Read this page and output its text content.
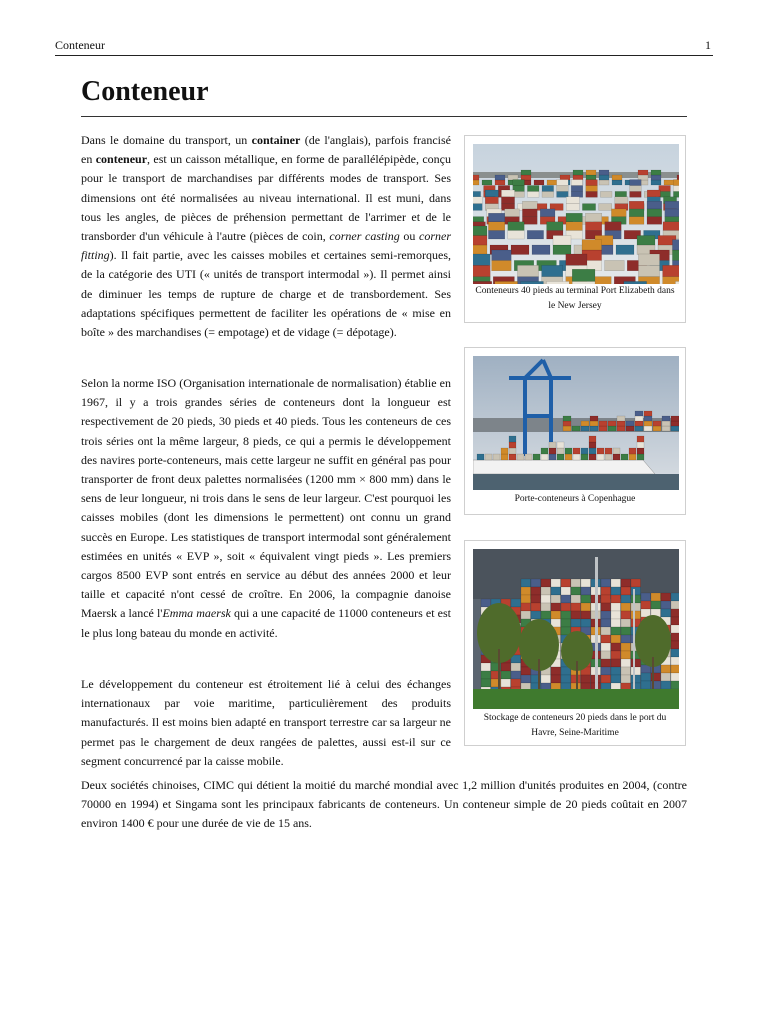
Conteneur	1
Conteneur

Dans le domaine du transport, un container (de l'anglais), parfois francisé en conteneur, est un caisson métallique, en forme de parallélépipède, conçu pour le transport de marchandises par différents modes de transport. Ses dimensions ont été normalisées au niveau international. Il est muni, dans tous les angles, de pièces de préhension permettant de l'arrimer et de le transborder d'un véhicule à l'autre (pièces de coin, corner casting ou corner fitting). Il fait partie, avec les caisses mobiles et certaines semi-remorques, de la catégorie des UTI (« unités de transport intermodal »). Il permet ainsi de diminuer les temps de rupture de charge et de transbordement. Ses adaptations spécifiques permettent de faciliter les opérations de « mise en boîte » des marchandises (= empotage) et de vidage (= dépotage).

Selon la norme ISO (Organisation internationale de normalisation) établie en 1967, il y a trois grandes séries de conteneurs dont la longueur est respectivement de 20 pieds, 30 pieds et 40 pieds. Tous les conteneurs de ces trois séries ont la même largeur, 8 pieds, ce qui a permis le développement des navires porte-conteneurs, mais cette largeur ne suffit en général pas pour transporter de front deux palettes normalisées (1200 mm × 800 mm) dans le sens de leur longueur, ni trois dans le sens de leur largeur. C'est pourquoi les caisses mobiles (dont les dimensions le permettent) ont connu un grand succès en Europe. Les statistiques de transport intermodal sont généralement estimées en unités « EVP », soit « équivalent vingt pieds ». Les premiers cargos 8500 EVP sont entrés en service au début des années 2000 et leur taille et capacité n'ont cessé de croître. En 2006, la compagnie danoise Maersk a lancé l'Emma maersk qui a une capacité de 11000 conteneurs et est le plus long bateau du monde en activité.

Le développement du conteneur est étroitement lié à celui des échanges internationaux par voie maritime, particulièrement des produits manufacturés. Il est moins bien adapté en transport terrestre car sa largeur ne permet pas le chargement de deux rangées de palettes, aussi est-il sur ce segment concurrencé par la caisse mobile.

Deux sociétés chinoises, CIMC qui détient la moitié du marché mondial avec 1,2 million d'unités produites en 2004, (contre 70000 en 1994) et Singama sont les principaux fabricants de conteneurs. Un conteneur simple de 20 pieds coûtait en 2007 environ 1400 € pour une durée de vie de 15 ans.

Conteneurs 40 pieds au terminal Port Elizabeth dans le New Jersey
Porte-conteneurs à Copenhague
Stockage de conteneurs 20 pieds dans le port du Havre, Seine-Maritime
